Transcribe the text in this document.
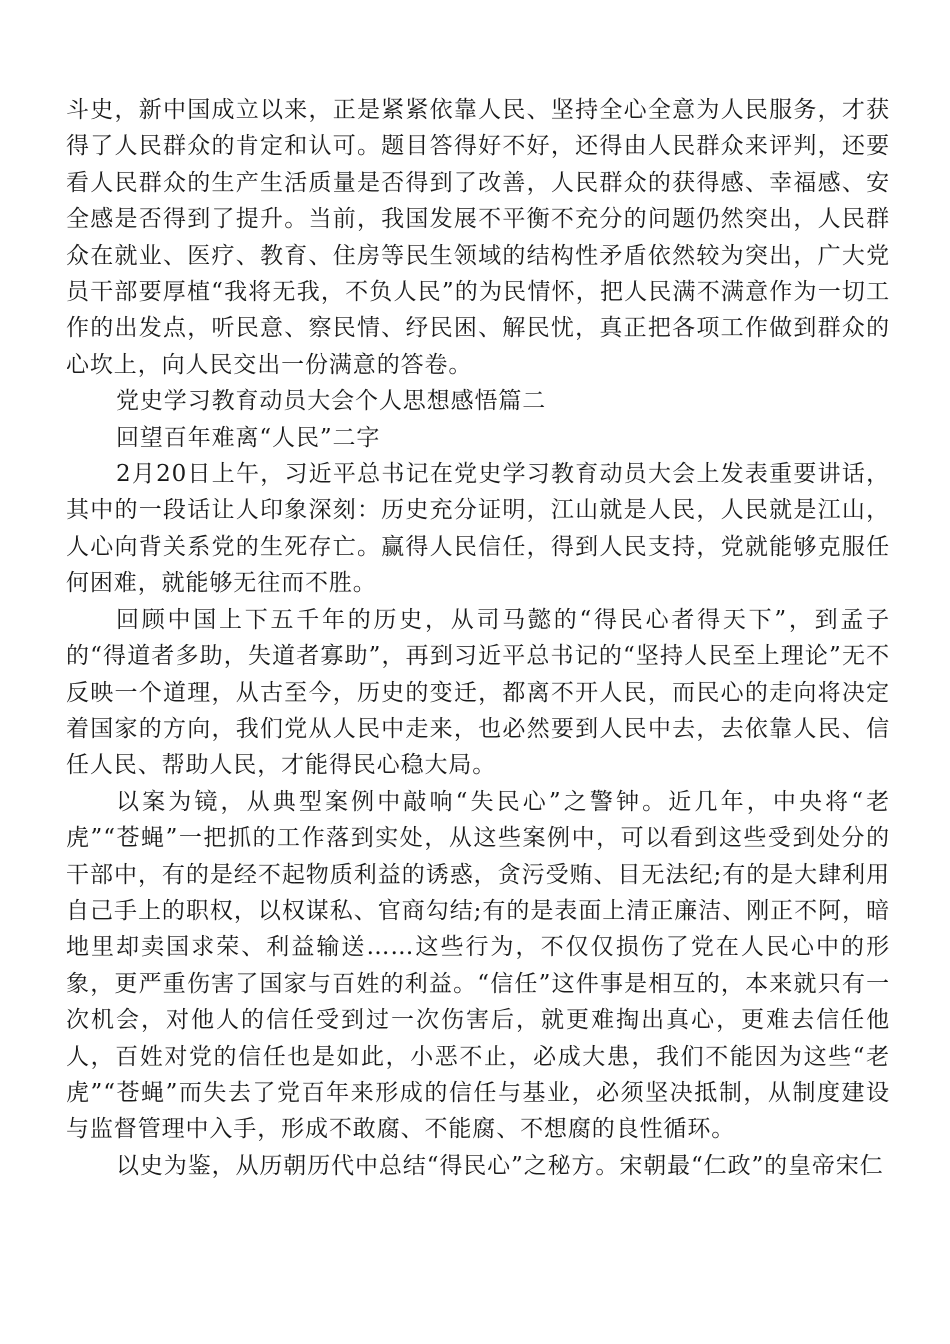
斗史，新中国成立以来，正是紧紧依靠人民、坚持全心全意为人民服务，才获得了人民群众的肯定和认可。题目答得好不好，还得由人民群众来评判，还要看人民群众的生产生活质量是否得到了改善，人民群众的获得感、幸福感、安全感是否得到了提升。当前，我国发展不平衡不充分的问题仍然突出，人民群众在就业、医疗、教育、住房等民生领域的结构性矛盾依然较为突出，广大党员干部要厚植“我将无我，不负人民”的为民情怀，把人民满不满意作为一切工作的出发点，听民意、察民情、纾民困、解民忧，真正把各项工作做到群众的心坎上，向人民交出一份满意的答卷。

党史学习教育动员大会个人思想感悟篇二

回望百年难离“人民”二字

2月20日上午，习近平总书记在党史学习教育动员大会上发表重要讲话，其中的一段话让人印象深刻：历史充分证明，江山就是人民，人民就是江山，人心向背关系党的生死存亡。赢得人民信任，得到人民支持，党就能够克服任何困难，就能够无往而不胜。

回顾中国上下五千年的历史，从司马懿的“得民心者得天下”，到孟子的“得道者多助，失道者寡助”，再到习近平总书记的“坚持人民至上理论”无不反映一个道理，从古至今，历史的变迁，都离不开人民，而民心的走向将决定着国家的方向，我们党从人民中走来，也必然要到人民中去，去依靠人民、信任人民、帮助人民，才能得民心稳大局。

以案为镜，从典型案例中敲响“失民心”之警钟。近几年，中央将“老虎”“苍蝇”一把抓的工作落到实处，从这些案例中，可以看到这些受到处分的干部中，有的是经不起物质利益的诱惑，贪污受贿、目无法纪;有的是大肆利用自己手上的职权，以权谋私、官商勾结;有的是表面上清正廉洁、刚正不阿，暗地里却卖国求荣、利益输送……这些行为，不仅仅损伤了党在人民心中的形象，更严重伤害了国家与百姓的利益。“信任”这件事是相互的，本来就只有一次机会，对他人的信任受到过一次伤害后，就更难掏出真心，更难去信任他人，百姓对党的信任也是如此，小恶不止，必成大患，我们不能因为这些“老虎”“苍蝇”而失去了党百年来形成的信任与基业，必须坚决抵制，从制度建设与监督管理中入手，形成不敢腐、不能腐、不想腐的良性循环。

以史为鉴，从历朝历代中总结“得民心”之秘方。宋朝最“仁政”的皇帝宋仁
